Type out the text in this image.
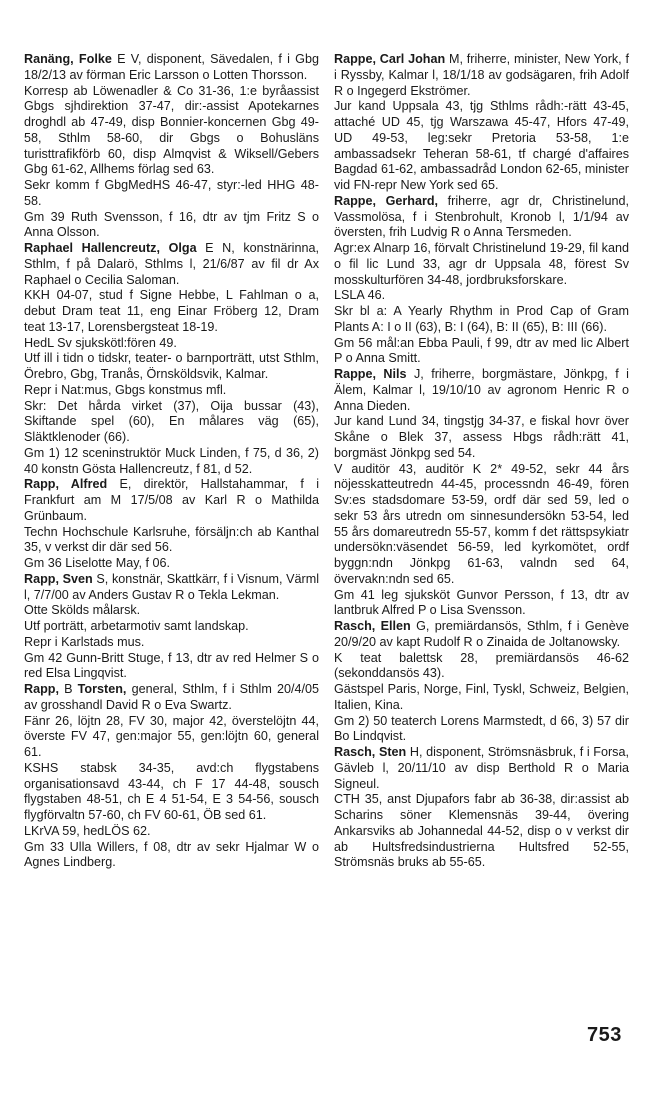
Ranäng, Folke E V, disponent, Sävedalen, f i Gbg 18/2/13 av förman Eric Larsson o Lotten Thorsson.
Korresp ab Löwenadler & Co 31-36, 1:e byråassist Gbgs sjhdirektion 37-47, dir:-assist Apotekarnes droghdl ab 47-49, disp Bonnier-koncernen Gbg 49-58, Sthlm 58-60, dir Gbgs o Bohusläns turisttrafikförb 60, disp Almqvist & Wiksell/Gebers Gbg 61-62, Allhems förlag sed 63.
Sekr komm f GbgMedHS 46-47, styr:-led HHG 48-58.
Gm 39 Ruth Svensson, f 16, dtr av tjm Fritz S o Anna Olsson.

Raphael Hallencreutz, Olga E N, konstnärinna, Sthlm, f på Dalarö, Sthlms l, 21/6/87 av fil dr Ax Raphael o Cecilia Saloman.
KKH 04-07, stud f Signe Hebbe, L Fahlman o a, debut Dram teat 11, eng Einar Fröberg 12, Dram teat 13-17, Lorensbergsteat 18-19.
HedL Sv sjukskötl:fören 49.
Utf ill i tidn o tidskr, teater- o barnporträtt, utst Sthlm, Örebro, Gbg, Tranås, Örnsköldsvik, Kalmar.
Repr i Nat:mus, Gbgs konstmus mfl.
Skr: Det hårda virket (37), Oija bussar (43), Skiftande spel (60), En målares väg (65), Släktklenoder (66).
Gm 1) 12 sceninstruktör Muck Linden, f 75, d 36, 2) 40 konstn Gösta Hallencreutz, f 81, d 52.

Rapp, Alfred E, direktör, Hallstahammar, f i Frankfurt am M 17/5/08 av Karl R o Mathilda Grünbaum.
Techn Hochschule Karlsruhe, försäljn:ch ab Kanthal 35, v verkst dir där sed 56.
Gm 36 Liselotte May, f 06.

Rapp, Sven S, konstnär, Skattkärr, f i Visnum, Värml l, 7/7/00 av Anders Gustav R o Tekla Lekman.
Otte Skölds målarsk.
Utf porträtt, arbetarmotiv samt landskap.
Repr i Karlstads mus.
Gm 42 Gunn-Britt Stuge, f 13, dtr av red Helmer S o red Elsa Lingqvist.

Rapp, B Torsten, general, Sthlm, f i Sthlm 20/4/05 av grosshandl David R o Eva Swartz.
Fänr 26, löjtn 28, FV 30, major 42, överstelöjtn 44, överste FV 47, gen:major 55, gen:löjtn 60, general 61.
KSHS stabsk 34-35, avd:ch flygstabens organisationsavd 43-44, ch F 17 44-48, sousch flygstaben 48-51, ch E 4 51-54, E 3 54-56, sousch flygförvaltn 57-60, ch FV 60-61, ÖB sed 61.
LKrVA 59, hedLÖS 62.
Gm 33 Ulla Willers, f 08, dtr av sekr Hjalmar W o Agnes Lindberg.

Rappe, Carl Johan M, friherre, minister, New York, f i Ryssby, Kalmar l, 18/1/18 av godsägaren, frih Adolf R o Ingegerd Ekströmer.
Jur kand Uppsala 43, tjg Sthlms rådh:-rätt 43-45, attaché UD 45, tjg Warszawa 45-47, Hfors 47-49, UD 49-53, leg:sekr Pretoria 53-58, 1:e ambassadsekr Teheran 58-61, tf chargé d'affaires Bagdad 61-62, ambassadråd London 62-65, minister vid FN-repr New York sed 65.

Rappe, Gerhard, friherre, agr dr, Christinelund, Vassmolösa, f i Stenbrohult, Kronob l, 1/1/94 av översten, frih Ludvig R o Anna Tersmeden.
Agr:ex Alnarp 16, förvalt Christinelund 19-29, fil kand o fil lic Lund 33, agr dr Uppsala 48, förest Sv mosskulturfören 34-48, jordbruksforskare.
LSLA 46.
Skr bl a: A Yearly Rhythm in Prod Cap of Gram Plants A: I o II (63), B: I (64), B: II (65), B: III (66).
Gm 56 mål:an Ebba Pauli, f 99, dtr av med lic Albert P o Anna Smitt.

Rappe, Nils J, friherre, borgmästare, Jönkpg, f i Älem, Kalmar l, 19/10/10 av agronom Henric R o Anna Dieden.
Jur kand Lund 34, tingstjg 34-37, e fiskal hovr över Skåne o Blek 37, assess Hbgs rådh:rätt 41, borgmäst Jönkpg sed 54.
V auditör 43, auditör K 2* 49-52, sekr 44 års nöjesskatteutredn 44-45, processndn 46-49, fören Sv:es stadsdomare 53-59, ordf där sed 59, led o sekr 53 års utredn om sinnesundersökn 53-54, led 55 års domareutredn 55-57, komm f det rättspsykiatr undersökn:väsendet 56-59, led kyrkomötet, ordf byggn:ndn Jönkpg 61-63, valndn sed 64, övervakn:ndn sed 65.
Gm 41 leg sjuksköt Gunvor Persson, f 13, dtr av lantbruk Alfred P o Lisa Svensson.

Rasch, Ellen G, premiärdansös, Sthlm, f i Genève 20/9/20 av kapt Rudolf R o Zinaida de Joltanowsky.
K teat balettsk 28, premiärdansös 46-62 (sekonddansös 43).
Gästspel Paris, Norge, Finl, Tyskl, Schweiz, Belgien, Italien, Kina.
Gm 2) 50 teaterch Lorens Marmstedt, d 66, 3) 57 dir Bo Lindqvist.

Rasch, Sten H, disponent, Strömsnäsbruk, f i Forsa, Gävleb l, 20/11/10 av disp Berthold R o Maria Signeul.
CTH 35, anst Djupafors fabr ab 36-38, dir:assist ab Scharins söner Klemensnäs 39-44, övering Ankarsviks ab Johannedal 44-52, disp o v verkst dir ab Hultsfredsindustrierna Hultsfred 52-55, Strömsnäs bruks ab 55-65.

753
